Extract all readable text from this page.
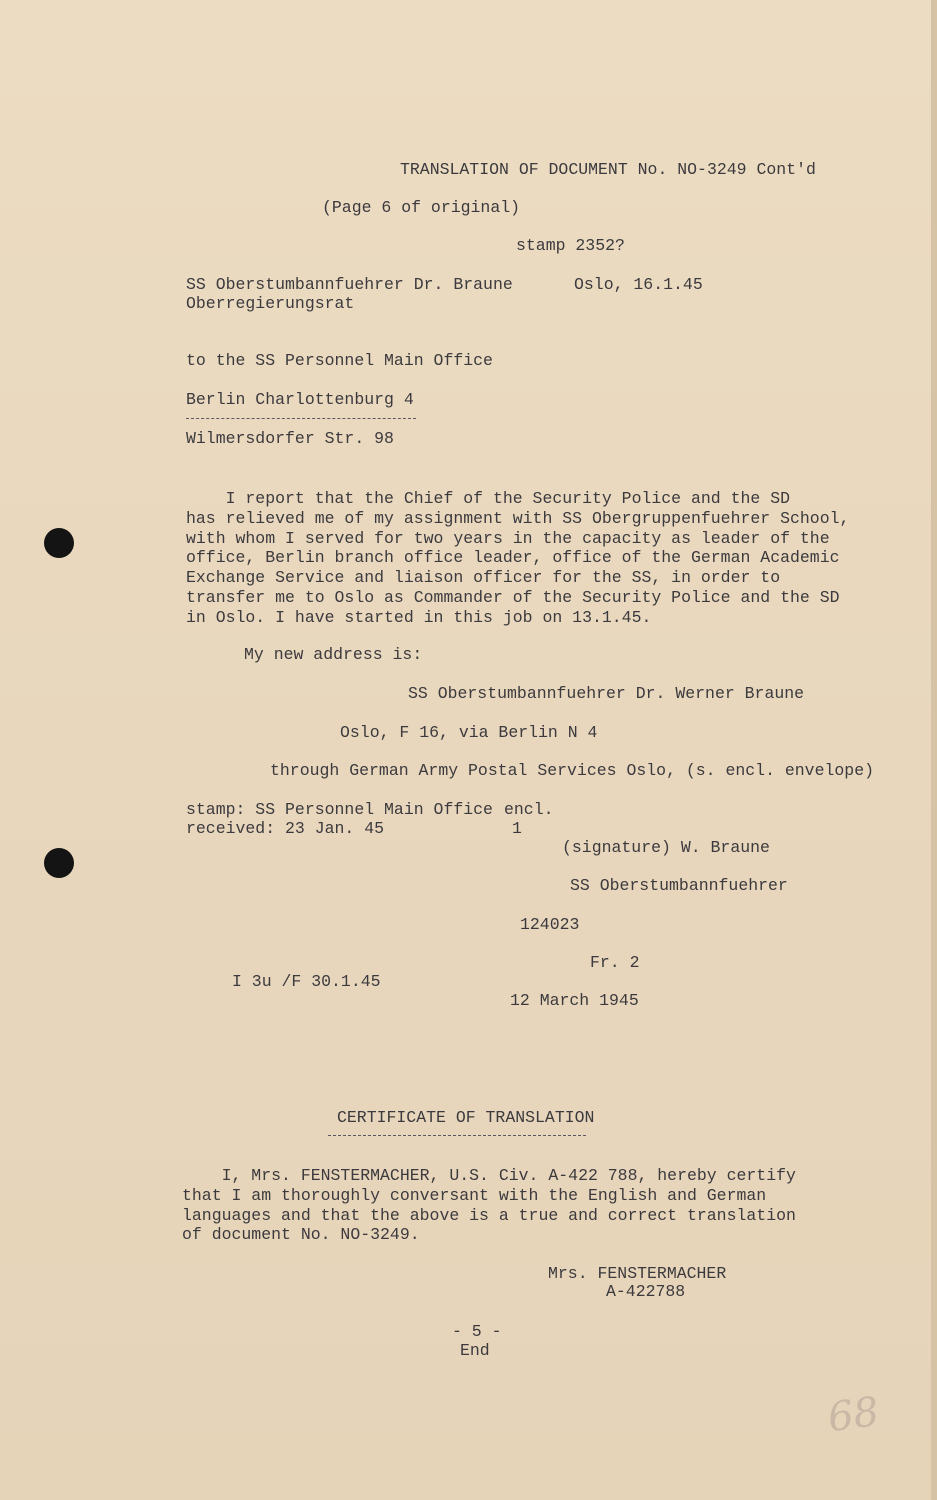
TRANSLATION OF DOCUMENT No. NO-3249 Cont'd
(Page 6 of original)
stamp 2352?
SS Oberstumbannfuehrer Dr. Braune
Oberregierungsrat
Oslo, 16.1.45
to the SS Personnel Main Office
Berlin Charlottenburg 4
Wilmersdorfer Str. 98
I report that the Chief of the Security Police and the SD
has relieved me of my assignment with SS Obergruppenfuehrer School,
with whom I served for two years in the capacity as leader of the
office, Berlin branch office leader, office of the German Academic
Exchange Service and liaison officer for the SS, in order to
transfer me to Oslo as Commander of the Security Police and the SD
in Oslo. I have started in this job on 13.1.45.
My new address is:
SS Oberstumbannfuehrer Dr. Werner Braune
Oslo, F 16, via Berlin N 4
through German Army Postal Services Oslo, (s. encl. envelope)
stamp: SS Personnel Main Office
received: 23 Jan. 45
encl.
1
(signature) W. Braune
SS Oberstumbannfuehrer
124023
Fr. 2
I 3u /F 30.1.45
12 March 1945
CERTIFICATE OF TRANSLATION
I, Mrs. FENSTERMACHER, U.S. Civ. A-422 788, hereby certify
that I am thoroughly conversant with the English and German
languages and that the above is a true and correct translation
of document No. NO-3249.
Mrs. FENSTERMACHER
A-422788
- 5 -
End
68
